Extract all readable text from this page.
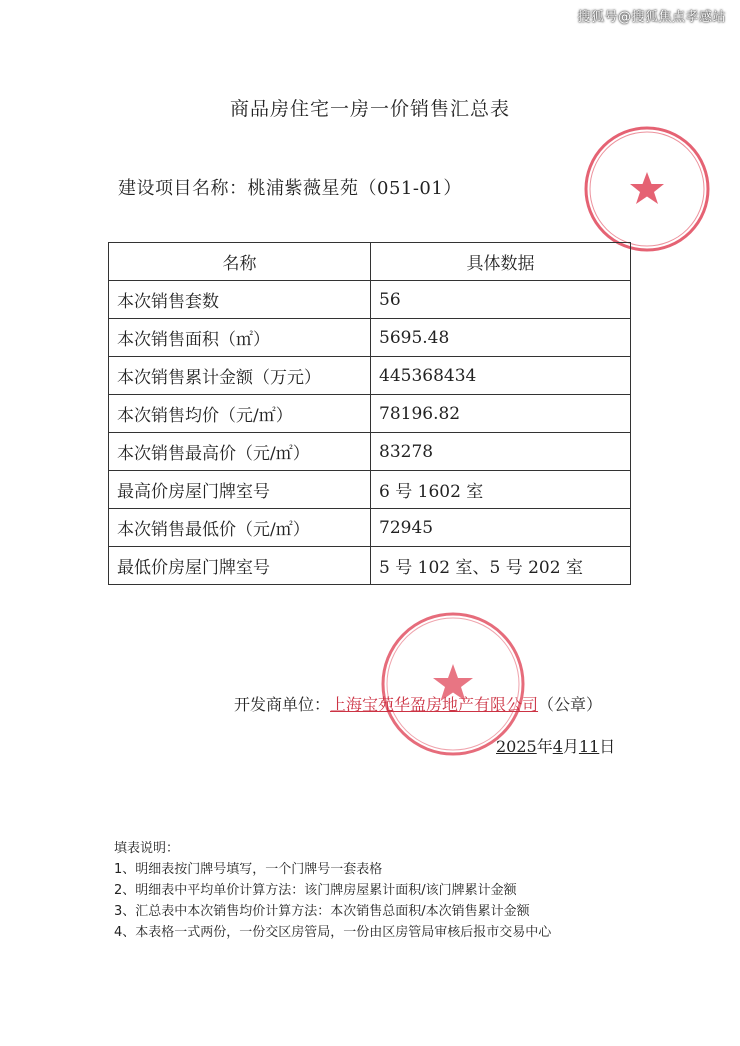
搜狐号@搜狐焦点孝感站
商品房住宅一房一价销售汇总表
建设项目名称：桃浦紫薇星苑（051-01）
名称	具体数据
本次销售套数	56
本次销售面积（㎡）	5695.48
本次销售累计金额（万元）	445368434
本次销售均价（元/㎡）	78196.82
本次销售最高价（元/㎡）	83278
最高价房屋门牌室号	6 号 1602 室
本次销售最低价（元/㎡）	72945
最低价房屋门牌室号	5 号 102 室、5 号 202 室
开发商单位：上海宝苑华盈房地产有限公司（公章）
2025年4月11日
填表说明：
1、明细表按门牌号填写，一个门牌号一套表格
2、明细表中平均单价计算方法：该门牌房屋累计面积/该门牌累计金额
3、汇总表中本次销售均价计算方法：本次销售总面积/本次销售累计金额
4、本表格一式两份，一份交区房管局，一份由区房管局审核后报市交易中心
